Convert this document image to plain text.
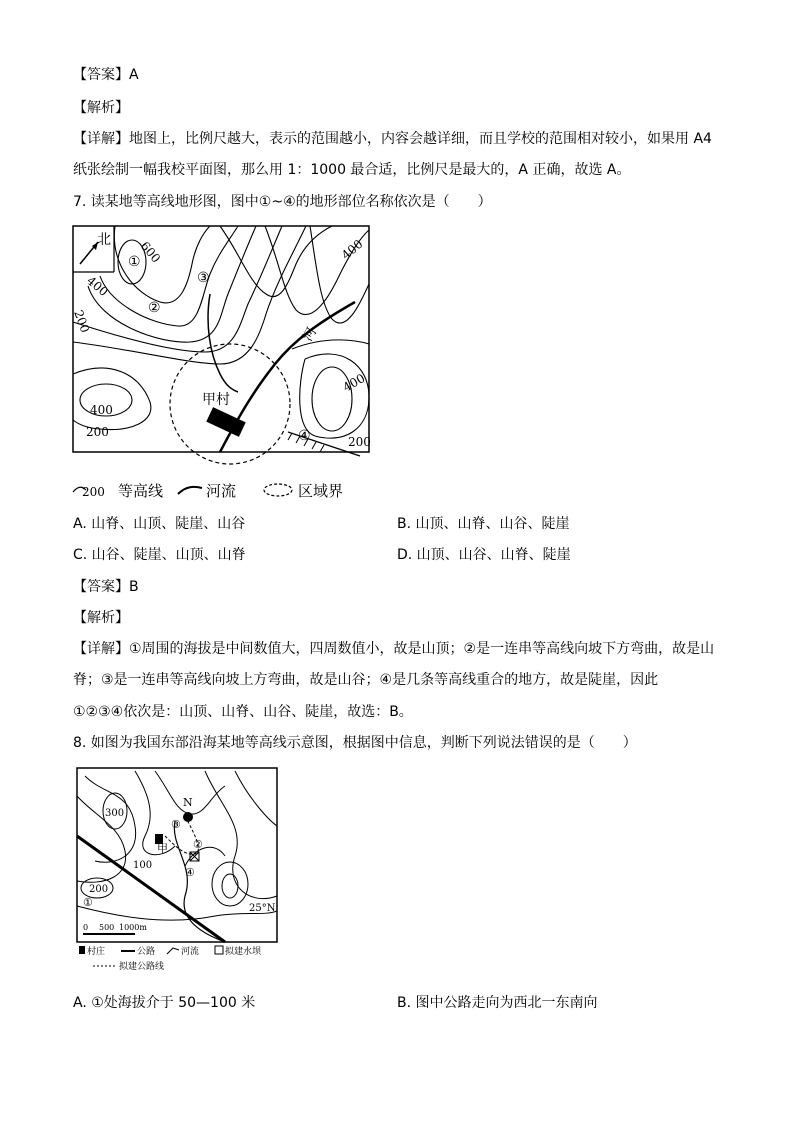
【答案】A
【解析】
【详解】地图上，比例尺越大，表示的范围越小，内容会越详细，而且学校的范围相对较小，如果用 A4
纸张绘制一幅我校平面图，那么用 1：1000 最合适，比例尺是最大的，A 正确，故选 A。
7. 读某地等高线地形图，图中①~④的地形部位名称依次是（　　）
北
甲村
河
600
400
400
200
400
200
400
200
①
②
③
④
200 等高线	河流	区域界
A. 山脊、山顶、陡崖、山谷	B. 山顶、山脊、山谷、陡崖
C. 山谷、陡崖、山顶、山脊	D. 山顶、山谷、山脊、陡崖
【答案】B
【解析】
【详解】①周围的海拔是中间数值大，四周数值小，故是山顶；②是一连串等高线向坡下方弯曲，故是山
脊；③是一连串等高线向坡上方弯曲，故是山谷；④是几条等高线重合的地方，故是陡崖，因此
①②③④依次是：山顶、山脊、山谷、陡崖，故选：B。
8. 如图为我国东部沿海某地等高线示意图，根据图中信息，判断下列说法错误的是（　　）
300
100
200
甲
N
25°N
①
②
③
④
0 500 1000m
村庄	公路	河流	拟建水坝
拟建公路线
A. ①处海拔介于 50—100 米	B. 图中公路走向为西北一东南向
